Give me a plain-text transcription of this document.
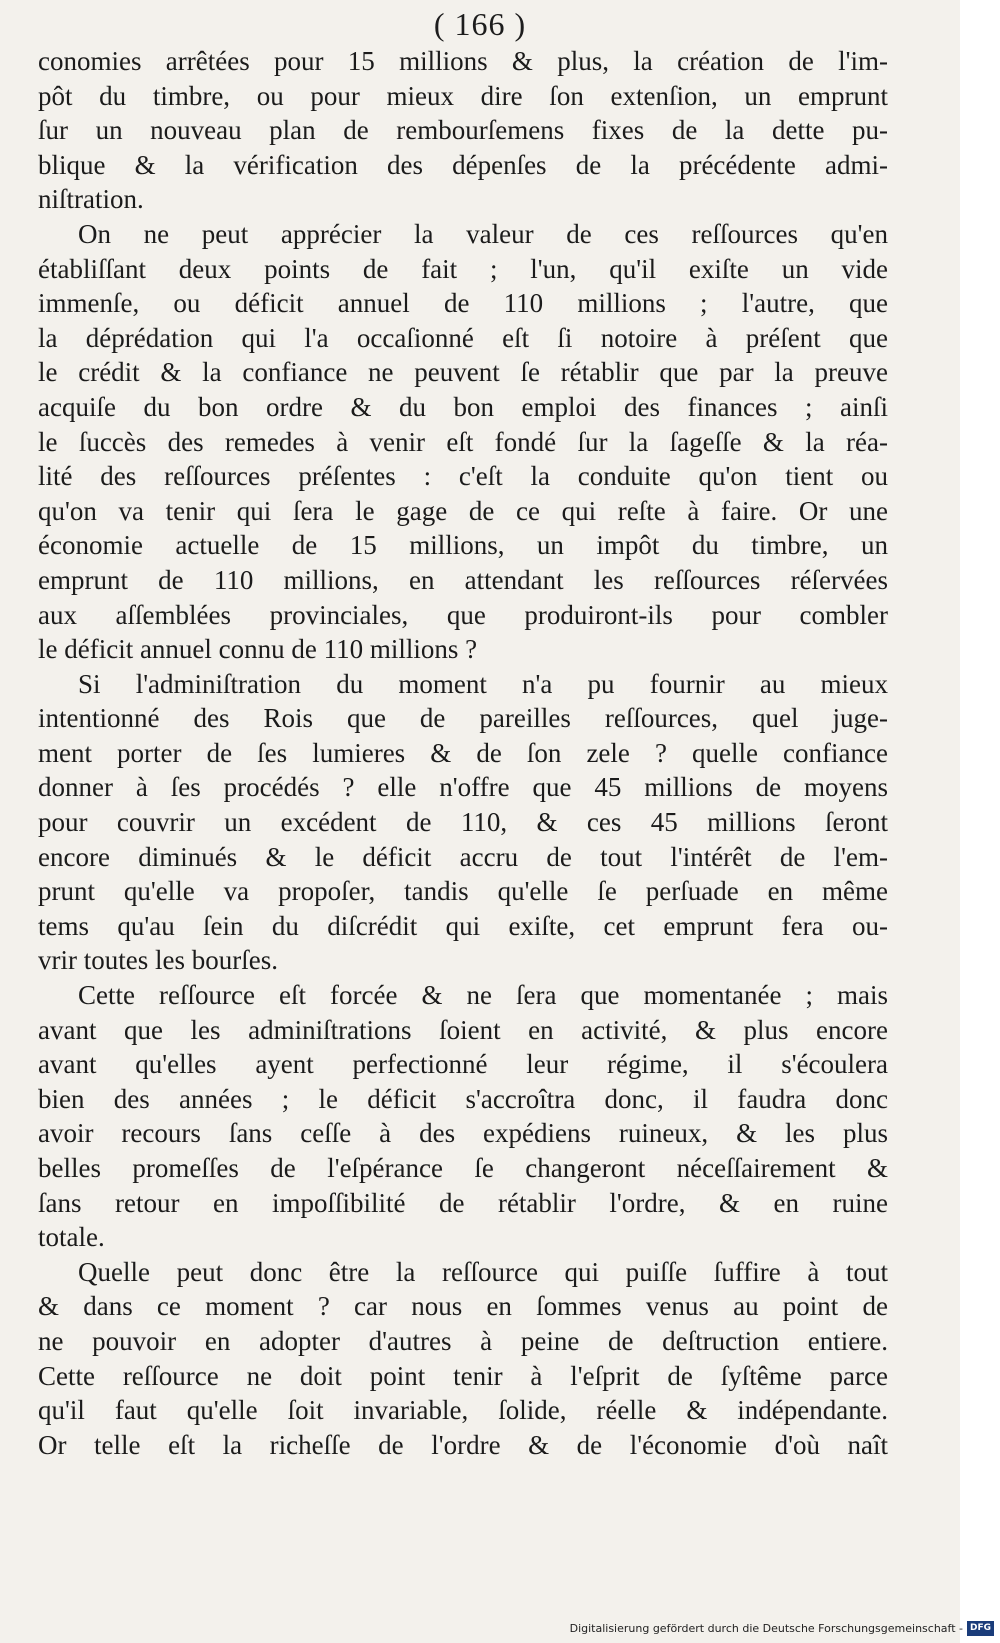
( 166 )
conomies arrêtées pour 15 millions & plus, la création de l'im-
pôt du timbre, ou pour mieux dire ſon extenſion, un emprunt
ſur un nouveau plan de rembourſemens fixes de la dette pu-
blique & la vérification des dépenſes de la précédente admi-
niſtration.
On ne peut apprécier la valeur de ces reſſources qu'en
établiſſant deux points de fait ; l'un, qu'il exiſte un vide
immenſe, ou déficit annuel de 110 millions ; l'autre, que
la déprédation qui l'a occaſionné eſt ſi notoire à préſent que
le crédit & la confiance ne peuvent ſe rétablir que par la preuve
acquiſe du bon ordre & du bon emploi des finances ; ainſi
le ſuccès des remedes à venir eſt fondé ſur la ſageſſe & la réa-
lité des reſſources préſentes : c'eſt la conduite qu'on tient ou
qu'on va tenir qui ſera le gage de ce qui reſte à faire. Or une
économie actuelle de 15 millions, un impôt du timbre, un
emprunt de 110 millions, en attendant les reſſources réſervées
aux aſſemblées provinciales, que produiront-ils pour combler
le déficit annuel connu de 110 millions ?
Si l'adminiſtration du moment n'a pu fournir au mieux
intentionné des Rois que de pareilles reſſources, quel juge-
ment porter de ſes lumieres & de ſon zele ? quelle confiance
donner à ſes procédés ? elle n'offre que 45 millions de moyens
pour couvrir un excédent de 110, & ces 45 millions ſeront
encore diminués & le déficit accru de tout l'intérêt de l'em-
prunt qu'elle va propoſer, tandis qu'elle ſe perſuade en même
tems qu'au ſein du diſcrédit qui exiſte, cet emprunt fera ou-
vrir toutes les bourſes.
Cette reſſource eſt forcée & ne ſera que momentanée ; mais
avant que les adminiſtrations ſoient en activité, & plus encore
avant qu'elles ayent perfectionné leur régime, il s'écoulera
bien des années ; le déficit s'accroîtra donc, il faudra donc
avoir recours ſans ceſſe à des expédiens ruineux, & les plus
belles promeſſes de l'eſpérance ſe changeront néceſſairement &
ſans retour en impoſſibilité de rétablir l'ordre, & en ruine
totale.
Quelle peut donc être la reſſource qui puiſſe ſuffire à tout
& dans ce moment ? car nous en ſommes venus au point de
ne pouvoir en adopter d'autres à peine de deſtruction entiere.
Cette reſſource ne doit point tenir à l'eſprit de ſyſtême parce
qu'il faut qu'elle ſoit invariable, ſolide, réelle & indépendante.
Or telle eſt la richeſſe de l'ordre & de l'économie d'où naît
Digitalisierung gefördert durch die Deutsche Forschungsgemeinschaft - DFG
